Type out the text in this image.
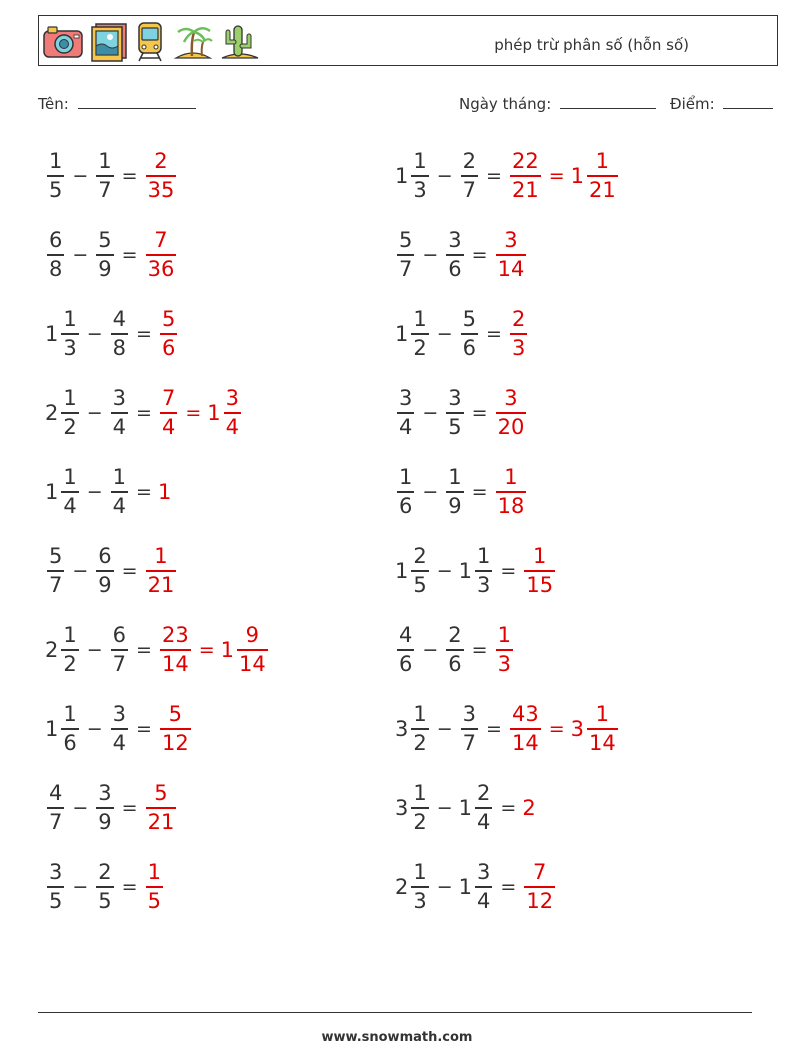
phép trừ phân số (hỗn số)
Tên:	Ngày tháng:	Điểm:
$\frac{1}{5} - \frac{1}{7} = \frac{2}{35}$	$1 \frac{1}{3} - \frac{2}{7} = \frac{22}{21} = 1 \frac{1}{21}$
$\frac{6}{8} - \frac{5}{9} = \frac{7}{36}$	$\frac{5}{7} - \frac{3}{6} = \frac{3}{14}$
$1 \frac{1}{3} - \frac{4}{8} = \frac{5}{6}$	$1 \frac{1}{2} - \frac{5}{6} = \frac{2}{3}$
$2 \frac{1}{2} - \frac{3}{4} = \frac{7}{4} = 1 \frac{3}{4}$	$\frac{3}{4} - \frac{3}{5} = \frac{3}{20}$
$1 \frac{1}{4} - \frac{1}{4} = 1$	$\frac{1}{6} - \frac{1}{9} = \frac{1}{18}$
$\frac{5}{7} - \frac{6}{9} = \frac{1}{21}$	$1 \frac{2}{5} - 1 \frac{1}{3} = \frac{1}{15}$
$2 \frac{1}{2} - \frac{6}{7} = \frac{23}{14} = 1 \frac{9}{14}$	$\frac{4}{6} - \frac{2}{6} = \frac{1}{3}$
$1 \frac{1}{6} - \frac{3}{4} = \frac{5}{12}$	$3 \frac{1}{2} - \frac{3}{7} = \frac{43}{14} = 3 \frac{1}{14}$
$\frac{4}{7} - \frac{3}{9} = \frac{5}{21}$	$3 \frac{1}{2} - 1 \frac{2}{4} = 2$
$\frac{3}{5} - \frac{2}{5} = \frac{1}{5}$	$2 \frac{1}{3} - 1 \frac{3}{4} = \frac{7}{12}$
www.snowmath.com
